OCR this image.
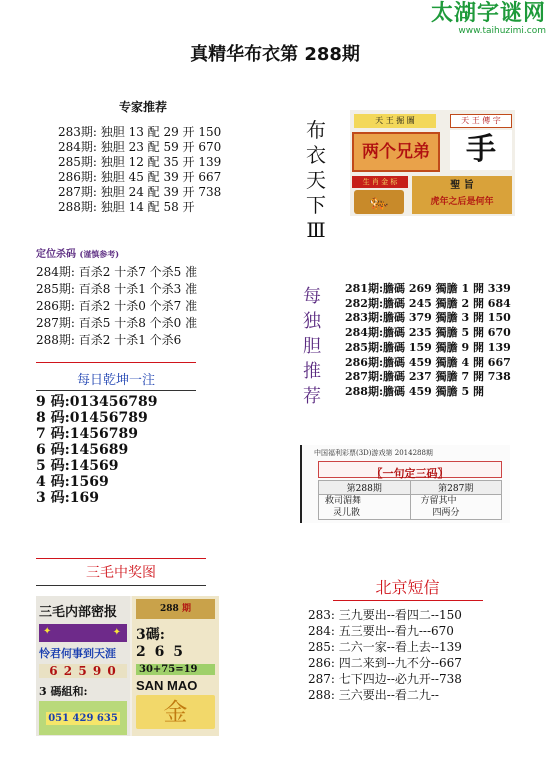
太湖字谜网
www.taihuzimi.com
真精华布衣第 288期
专家推荐
283期: 独胆 13 配 29 开 150
284期: 独胆 23 配 59 开 670
285期: 独胆 12 配 35 开 139
286期: 独胆 45 配 39 开 667
287期: 独胆 24 配 39 开 738
288期: 独胆 14 配 58 开
定位杀码 (谨慎参考)
284期: 百杀2 十杀7 个杀5 准
285期: 百杀8 十杀1 个杀3 准
286期: 百杀2 十杀0 个杀7 准
287期: 百杀5 十杀8 个杀0 准
288期: 百杀2 十杀1 个杀6
每日乾坤一注
9 码:013456789
8 码:01456789
7 码:1456789
6 码:145689
5 码:14569
4 码:1569
3 码:169
三毛中奖图
三毛内部密报
✦	✦
怜君何事到天涯
6 2 5 9 0
3 碼組和:
051 429 635
288 期
3碼:
2 6 5
30+75=19
SAN MAO
金
布
衣
天
下
Ⅲ
天 王 掘 圖
两个兄弟
天 王 傳 字
手
生 肖 金 标
🐅
聖 旨
虎年之后是何年
每
独
胆
推
荐
281期:膽碼 269 獨膽 1 開 339
282期:膽碼 245 獨膽 2 開 684
283期:膽碼 379 獨膽 3 開 150
284期:膽碼 235 獨膽 5 開 670
285期:膽碼 159 獨膽 9 開 139
286期:膽碼 459 獨膽 4 開 667
287期:膽碼 237 獨膽 7 開 738
288期:膽碼 459 獨膽 5 開
中国福利彩票(3D)游戏第 2014288期
〖一句定三码〗
第288期
救司湄舞
灵儿散
第287期
方留其中
四两分
北京短信
283: 三九要出--看四二--150
284: 五三要出--看九---670
285: 二六一家--看上去--139
286: 四二来到--九不分--667
287: 七下四边--必九开--738
288: 三六要出--看二九--
